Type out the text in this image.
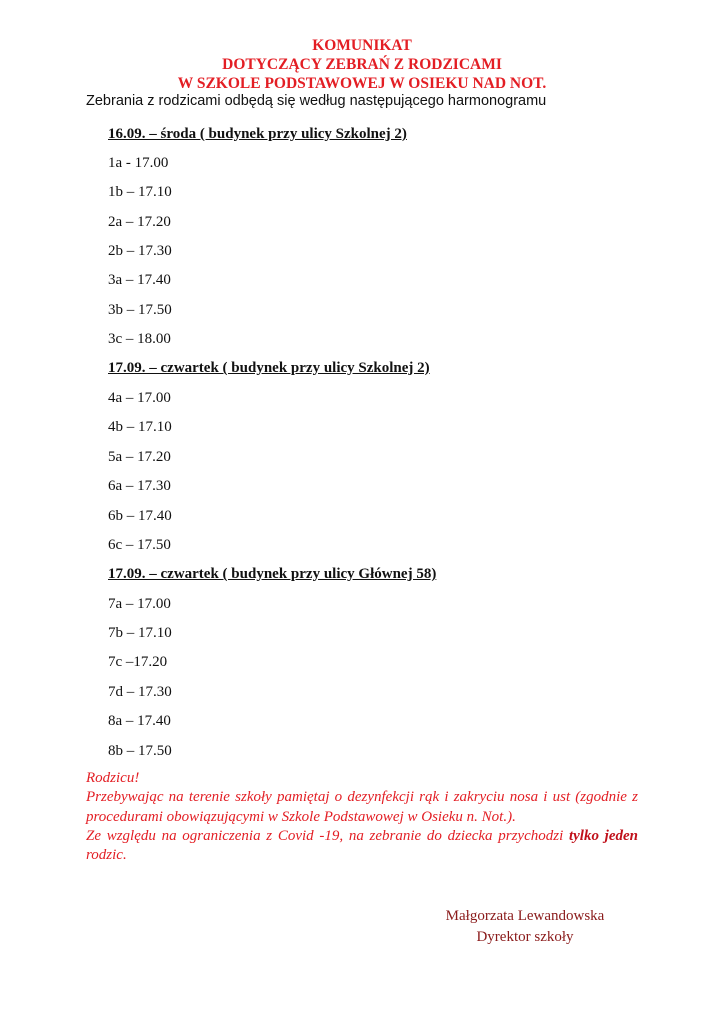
KOMUNIKAT
DOTYCZĄCY ZEBRAŃ Z RODZICAMI
W SZKOLE PODSTAWOWEJ W OSIEKU NAD NOT.
Zebrania z rodzicami odbędą się według następującego harmonogramu
16.09. – środa ( budynek przy ulicy Szkolnej 2)
1a - 17.00
1b – 17.10
2a – 17.20
2b – 17.30
3a – 17.40
3b – 17.50
3c – 18.00
17.09. – czwartek ( budynek przy ulicy Szkolnej 2)
4a – 17.00
4b – 17.10
5a – 17.20
6a – 17.30
6b – 17.40
6c – 17.50
17.09. – czwartek ( budynek przy ulicy Głównej 58)
7a – 17.00
7b – 17.10
7c –17.20
7d – 17.30
8a – 17.40
8b – 17.50

Rodzicu!

Przebywając na terenie szkoły pamiętaj o dezynfekcji rąk i zakryciu nosa i ust (zgodnie z procedurami obowiązującymi w Szkole Podstawowej w Osieku n. Not.).

Ze względu na ograniczenia z Covid -19, na zebranie do dziecka przychodzi tylko jeden rodzic.

Małgorzata Lewandowska
Dyrektor szkoły
